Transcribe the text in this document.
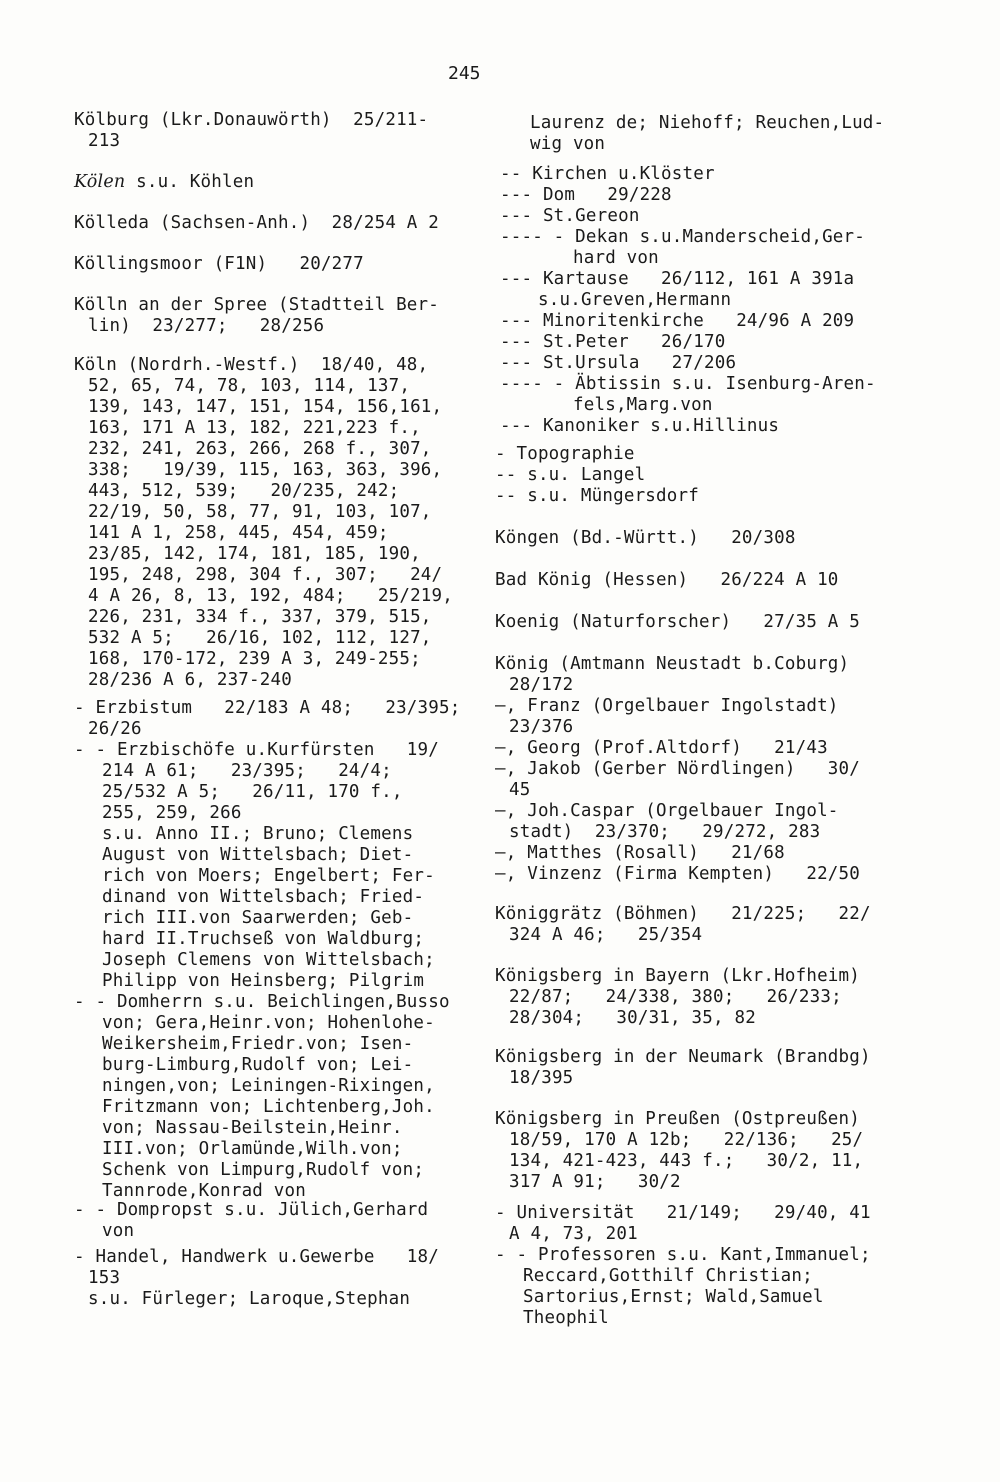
245
Kölburg (Lkr.Donauwörth)  25/211-
213
Kölen s.u. Köhlen
Kölleda (Sachsen-Anh.)  28/254 A 2
Köllingsmoor (F1N)   20/277
Kölln an der Spree (Stadtteil Ber-
lin)  23/277;   28/256
Köln (Nordrh.-Westf.)  18/40, 48,
52, 65, 74, 78, 103, 114, 137,
139, 143, 147, 151, 154, 156,161,
163, 171 A 13, 182, 221,223 f.,
232, 241, 263, 266, 268 f., 307,
338;   19/39, 115, 163, 363, 396,
443, 512, 539;   20/235, 242;
22/19, 50, 58, 77, 91, 103, 107,
141 A 1, 258, 445, 454, 459;
23/85, 142, 174, 181, 185, 190,
195, 248, 298, 304 f., 307;   24/
4 A 26, 8, 13, 192, 484;   25/219,
226, 231, 334 f., 337, 379, 515,
532 A 5;   26/16, 102, 112, 127,
168, 170-172, 239 A 3, 249-255;
28/236 A 6, 237-240
- Erzbistum   22/183 A 48;   23/395;
26/26
- - Erzbischöfe u.Kurfürsten   19/
214 A 61;   23/395;   24/4;
25/532 A 5;   26/11, 170 f.,
255, 259, 266
s.u. Anno II.; Bruno; Clemens
August von Wittelsbach; Diet-
rich von Moers; Engelbert; Fer-
dinand von Wittelsbach; Fried-
rich III.von Saarwerden; Geb-
hard II.Truchseß von Waldburg;
Joseph Clemens von Wittelsbach;
Philipp von Heinsberg; Pilgrim
- - Domherrn s.u. Beichlingen,Busso
von; Gera,Heinr.von; Hohenlohe-
Weikersheim,Friedr.von; Isen-
burg-Limburg,Rudolf von; Lei-
ningen,von; Leiningen-Rixingen,
Fritzmann von; Lichtenberg,Joh.
von; Nassau-Beilstein,Heinr.
III.von; Orlamünde,Wilh.von;
Schenk von Limpurg,Rudolf von;
Tannrode,Konrad von
- - Dompropst s.u. Jülich,Gerhard
von
- Handel, Handwerk u.Gewerbe   18/
153
s.u. Fürleger; Laroque,Stephan
Laurenz de; Niehoff; Reuchen,Lud-
wig von
-- Kirchen u.Klöster
--- Dom   29/228
--- St.Gereon
---- - Dekan s.u.Manderscheid,Ger-
hard von
--- Kartause   26/112, 161 A 391a
s.u.Greven,Hermann
--- Minoritenkirche   24/96 A 209
--- St.Peter   26/170
--- St.Ursula   27/206
---- - Äbtissin s.u. Isenburg-Aren-
fels,Marg.von
--- Kanoniker s.u.Hillinus
- Topographie
-- s.u. Langel
-- s.u. Müngersdorf
Köngen (Bd.-Württ.)   20/308
Bad König (Hessen)   26/224 A 10
Koenig (Naturforscher)   27/35 A 5
König (Amtmann Neustadt b.Coburg)
28/172
—, Franz (Orgelbauer Ingolstadt)
23/376
—, Georg (Prof.Altdorf)   21/43
—, Jakob (Gerber Nördlingen)   30/
45
—, Joh.Caspar (Orgelbauer Ingol-
stadt)  23/370;   29/272, 283
—, Matthes (Rosall)   21/68
—, Vinzenz (Firma Kempten)   22/50
Königgrätz (Böhmen)   21/225;   22/
324 A 46;   25/354
Königsberg in Bayern (Lkr.Hofheim)
22/87;   24/338, 380;   26/233;
28/304;   30/31, 35, 82
Königsberg in der Neumark (Brandbg)
18/395
Königsberg in Preußen (Ostpreußen)
18/59, 170 A 12b;   22/136;   25/
134, 421-423, 443 f.;   30/2, 11,
317 A 91;   30/2
- Universität   21/149;   29/40, 41
A 4, 73, 201
- - Professoren s.u. Kant,Immanuel;
Reccard,Gotthilf Christian;
Sartorius,Ernst; Wald,Samuel
Theophil
